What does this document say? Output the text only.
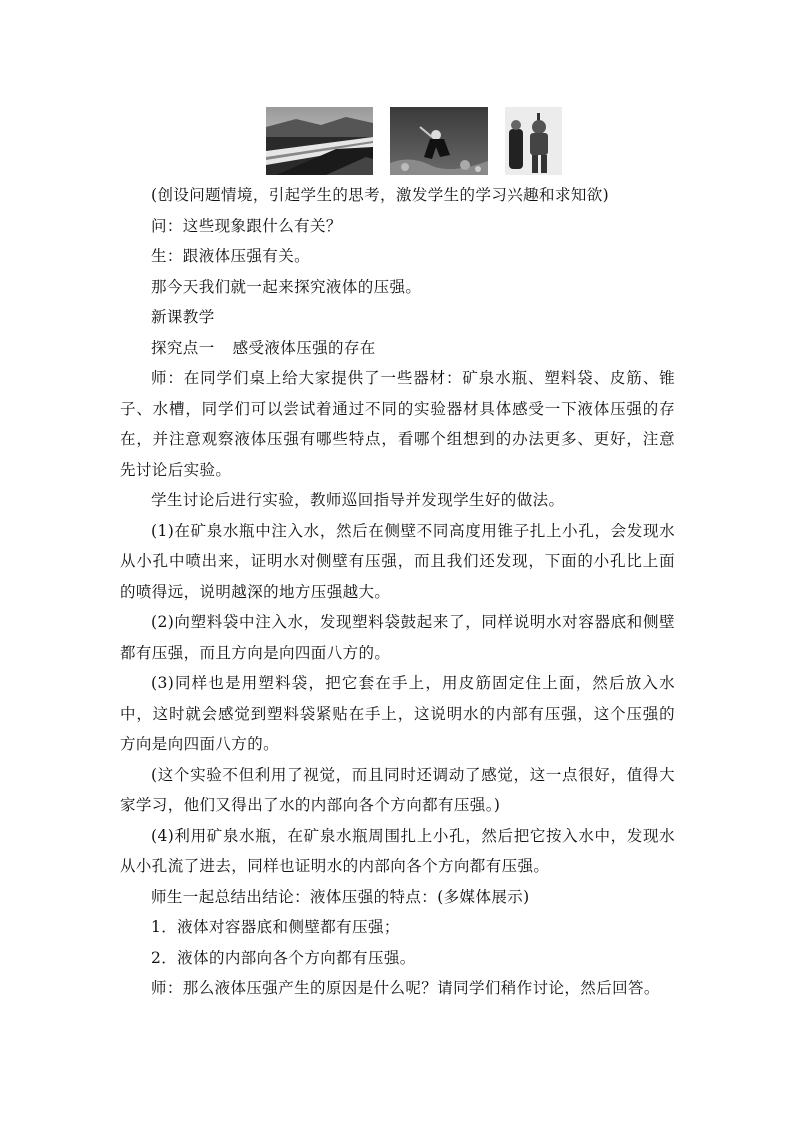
(创设问题情境，引起学生的思考，激发学生的学习兴趣和求知欲)
问：这些现象跟什么有关？
生：跟液体压强有关。
那今天我们就一起来探究液体的压强。
新课教学
探究点一 感受液体压强的存在
师：在同学们桌上给大家提供了一些器材：矿泉水瓶、塑料袋、皮筋、锥子、水槽，同学们可以尝试着通过不同的实验器材具体感受一下液体压强的存在，并注意观察液体压强有哪些特点，看哪个组想到的办法更多、更好，注意先讨论后实验。
学生讨论后进行实验，教师巡回指导并发现学生好的做法。
(1)在矿泉水瓶中注入水，然后在侧壁不同高度用锥子扎上小孔，会发现水从小孔中喷出来，证明水对侧壁有压强，而且我们还发现，下面的小孔比上面的喷得远，说明越深的地方压强越大。
(2)向塑料袋中注入水，发现塑料袋鼓起来了，同样说明水对容器底和侧壁都有压强，而且方向是向四面八方的。
(3)同样也是用塑料袋，把它套在手上，用皮筋固定住上面，然后放入水中，这时就会感觉到塑料袋紧贴在手上，这说明水的内部有压强，这个压强的方向是向四面八方的。
(这个实验不但利用了视觉，而且同时还调动了感觉，这一点很好，值得大家学习，他们又得出了水的内部向各个方向都有压强。)
(4)利用矿泉水瓶，在矿泉水瓶周围扎上小孔，然后把它按入水中，发现水从小孔流了进去，同样也证明水的内部向各个方向都有压强。
师生一起总结出结论：液体压强的特点：(多媒体展示)
1．液体对容器底和侧壁都有压强；
2．液体的内部向各个方向都有压强。
师：那么液体压强产生的原因是什么呢？请同学们稍作讨论，然后回答。
